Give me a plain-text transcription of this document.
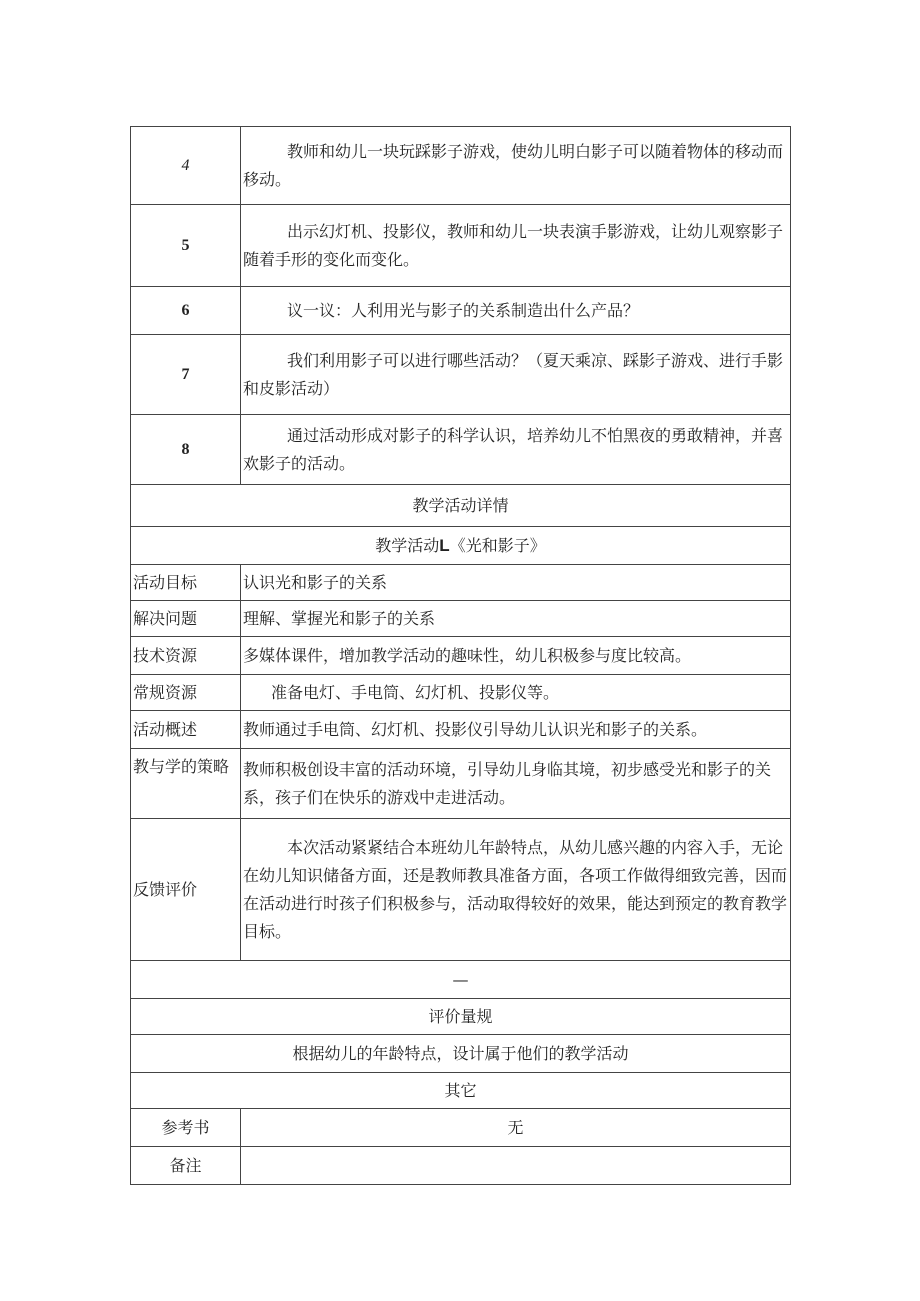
4	教师和幼儿一块玩踩影子游戏，使幼儿明白影子可以随着物体的移动而移动。
5	出示幻灯机、投影仪，教师和幼儿一块表演手影游戏，让幼儿观察影子随着手形的变化而变化。
6	议一议：人利用光与影子的关系制造出什么产品？
7	我们利用影子可以进行哪些活动？（夏天乘凉、踩影子游戏、进行手影和皮影活动）
8	通过活动形成对影子的科学认识，培养幼儿不怕黑夜的勇敢精神，并喜欢影子的活动。
教学活动详情	
教学活动L《光和影子》	
活动目标	认识光和影子的关系
解决问题	理解、掌握光和影子的关系
技术资源	多媒体课件，增加教学活动的趣味性，幼儿积极参与度比较高。
常规资源	准备电灯、手电筒、幻灯机、投影仪等。
活动概述	教师通过手电筒、幻灯机、投影仪引导幼儿认识光和影子的关系。
教与学的策略	教师积极创设丰富的活动环境，引导幼儿身临其境，初步感受光和影子的关系，孩子们在快乐的游戏中走进活动。
反馈评价	本次活动紧紧结合本班幼儿年龄特点，从幼儿感兴趣的内容入手，无论在幼儿知识储备方面，还是教师教具准备方面，各项工作做得细致完善，因而在活动进行时孩子们积极参与，活动取得较好的效果，能达到预定的教育教学目标。
—	
评价量规	
根据幼儿的年龄特点，设计属于他们的教学活动	
其它	
参考书	无
备注	
